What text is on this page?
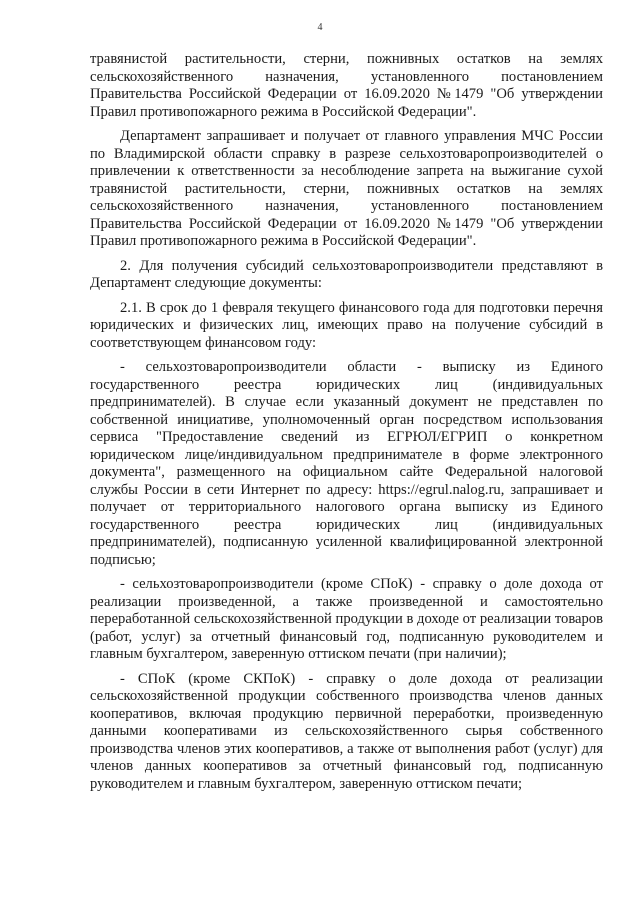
4

травянистой растительности, стерни, пожнивных остатков на землях сельскохозяйственного назначения, установленного постановлением Правительства Российской Федерации от 16.09.2020 №1479 "Об утверждении Правил противопожарного режима в Российской Федерации".

Департамент запрашивает и получает от главного управления МЧС России по Владимирской области справку в разрезе сельхозтоваропроизводителей о привлечении к ответственности за несоблюдение запрета на выжигание сухой травянистой растительности, стерни, пожнивных остатков на землях сельскохозяйственного назначения, установленного постановлением Правительства Российской Федерации от 16.09.2020 №1479 "Об утверждении Правил противопожарного режима в Российской Федерации".

2. Для получения субсидий сельхозтоваропроизводители представляют в Департамент следующие документы:

2.1. В срок до 1 февраля текущего финансового года для подготовки перечня юридических и физических лиц, имеющих право на получение субсидий в соответствующем финансовом году:

- сельхозтоваропроизводители области - выписку из Единого государственного реестра юридических лиц (индивидуальных предпринимателей). В случае если указанный документ не представлен по собственной инициативе, уполномоченный орган посредством использования сервиса "Предоставление сведений из ЕГРЮЛ/ЕГРИП о конкретном юридическом лице/индивидуальном предпринимателе в форме электронного документа", размещенного на официальном сайте Федеральной налоговой службы России в сети Интернет по адресу: https://egrul.nalog.ru, запрашивает и получает от территориального налогового органа выписку из Единого государственного реестра юридических лиц (индивидуальных предпринимателей), подписанную усиленной квалифицированной электронной подписью;

- сельхозтоваропроизводители (кроме СПоК) - справку о доле дохода от реализации произведенной, а также произведенной и самостоятельно переработанной сельскохозяйственной продукции в доходе от реализации товаров (работ, услуг) за отчетный финансовый год, подписанную руководителем и главным бухгалтером, заверенную оттиском печати (при наличии);

- СПоК (кроме СКПоК) - справку о доле дохода от реализации сельскохозяйственной продукции собственного производства членов данных кооперативов, включая продукцию первичной переработки, произведенную данными кооперативами из сельскохозяйственного сырья собственного производства членов этих кооперативов, а также от выполнения работ (услуг) для членов данных кооперативов за отчетный финансовый год, подписанную руководителем и главным бухгалтером, заверенную оттиском печати;
